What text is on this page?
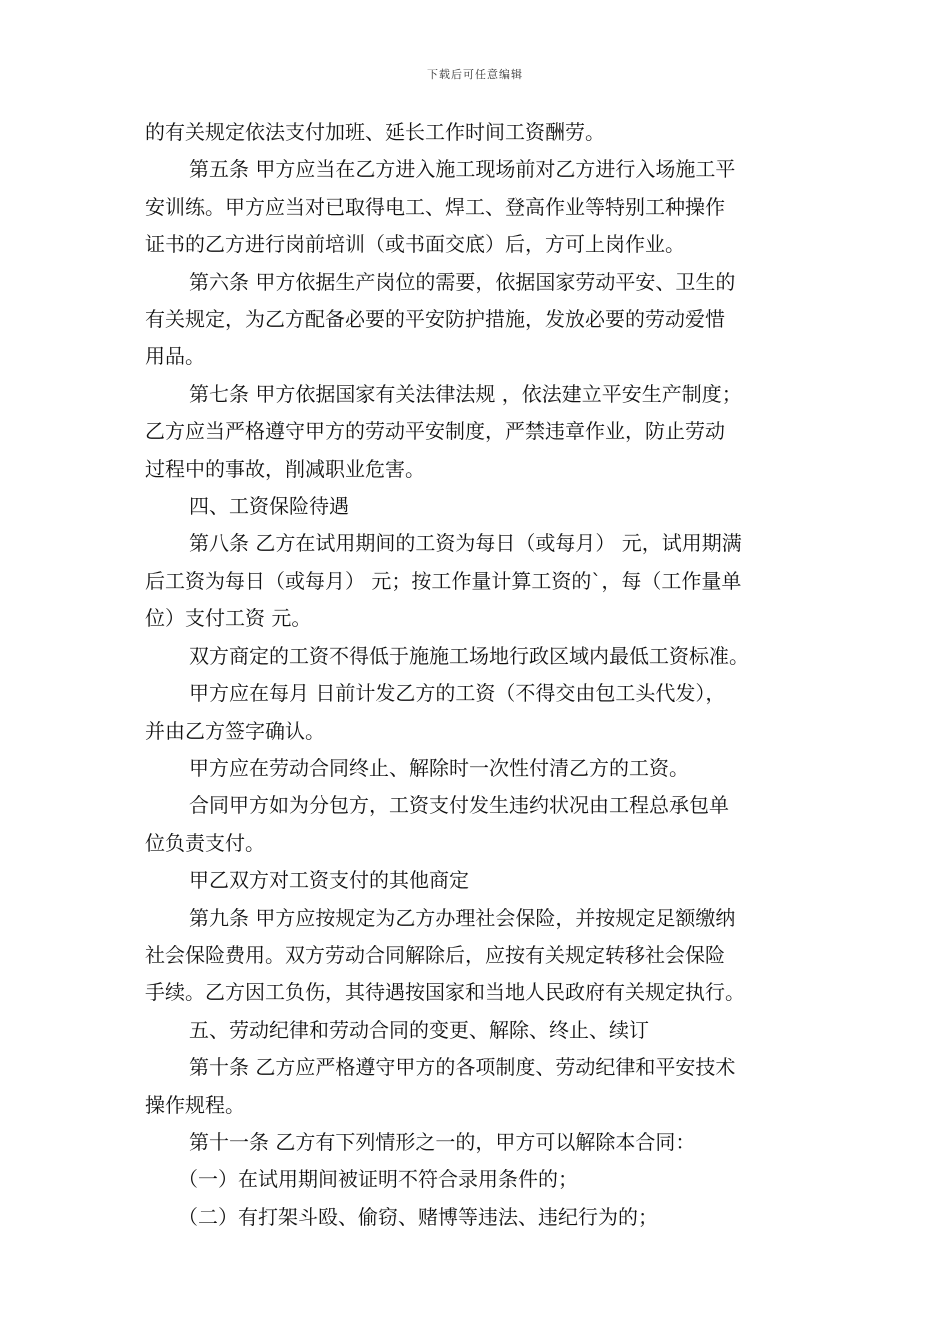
下载后可任意编辑

的有关规定依法支付加班、延长工作时间工资酬劳。

第五条 甲方应当在乙方进入施工现场前对乙方进行入场施工平

安训练。甲方应当对已取得电工、焊工、登高作业等特别工种操作

证书的乙方进行岗前培训（或书面交底）后，方可上岗作业。

第六条 甲方依据生产岗位的需要，依据国家劳动平安、卫生的

有关规定，为乙方配备必要的平安防护措施，发放必要的劳动爱惜

用品。

第七条 甲方依据国家有关法律法规 ，依法建立平安生产制度；

乙方应当严格遵守甲方的劳动平安制度，严禁违章作业，防止劳动

过程中的事故，削减职业危害。

四、工资保险待遇

第八条 乙方在试用期间的工资为每日（或每月） 元，试用期满

后工资为每日（或每月） 元；按工作量计算工资的`，每（工作量单

位）支付工资 元。

双方商定的工资不得低于施施工场地行政区域内最低工资标准。

甲方应在每月 日前计发乙方的工资（不得交由包工头代发），

并由乙方签字确认。

甲方应在劳动合同终止、解除时一次性付清乙方的工资。

合同甲方如为分包方，工资支付发生违约状况由工程总承包单

位负责支付。

甲乙双方对工资支付的其他商定

第九条 甲方应按规定为乙方办理社会保险，并按规定足额缴纳

社会保险费用。双方劳动合同解除后，应按有关规定转移社会保险

手续。乙方因工负伤，其待遇按国家和当地人民政府有关规定执行。

五、劳动纪律和劳动合同的变更、解除、终止、续订

第十条 乙方应严格遵守甲方的各项制度、劳动纪律和平安技术

操作规程。

第十一条 乙方有下列情形之一的，甲方可以解除本合同：

（一）在试用期间被证明不符合录用条件的；

（二）有打架斗殴、偷窃、赌博等违法、违纪行为的；
